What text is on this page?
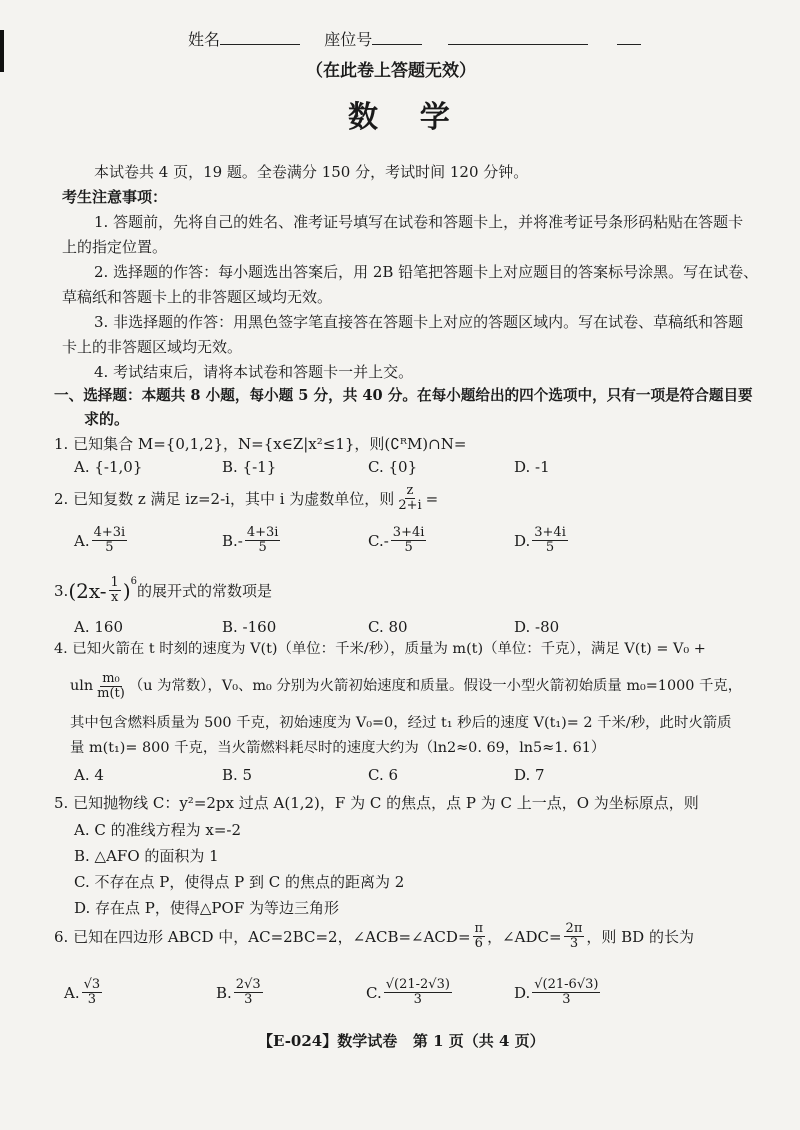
姓名	座位号
（在此卷上答题无效）
数    学
本试卷共 4 页，19 题。全卷满分 150 分，考试时间 120 分钟。
考生注意事项：
1. 答题前，先将自己的姓名、准考证号填写在试卷和答题卡上，并将准考证号条形码粘贴在答题卡
上的指定位置。
2. 选择题的作答：每小题选出答案后，用 2B 铅笔把答题卡上对应题目的答案标号涂黑。写在试卷、
草稿纸和答题卡上的非答题区域均无效。
3. 非选择题的作答：用黑色签字笔直接答在答题卡上对应的答题区域内。写在试卷、草稿纸和答题
卡上的非答题区域均无效。
4. 考试结束后，请将本试卷和答题卡一并上交。
一、选择题：本题共 8 小题，每小题 5 分，共 40 分。在每小题给出的四个选项中，只有一项是符合题目要
求的。
1. 已知集合 M={0,1,2}，N={x∈Z|x²≤1}，则(∁ᴿM)∩N=
A. {-1,0}	B. {-1}	C. {0}	D. -1
2. 已知复数 z 满足 iz=2-i，其中 i 为虚数单位，则 $\frac{z}{2+i}$ =
A. $\frac{4+3i}{5}$	B. - $\frac{4+3i}{5}$	C. - $\frac{3+4i}{5}$	D. $\frac{3+4i}{5}$
3. $(2x- \frac{1}{x} )^6$
的展开式的常数项是
A. 160	B. -160	C. 80	D. -80
4. 已知火箭在 t 时刻的速度为 V(t)（单位：千米/秒），质量为 m(t)（单位：千克），满足 V(t) = V₀ +
uln $\frac{\text{m₀}}{m(t)} (u$ 为常数），V₀、m₀ 分别为火箭初始速度和质量。假设一小型火箭初始质量 m₀=1000 千克，
其中包含燃料质量为 500 千克，初始速度为 V₀=0，经过 t₁ 秒后的速度 V(t₁)= 2 千米/秒，此时火箭质
量 m(t₁)= 800 千克，当火箭燃料耗尽时的速度大约为（ln2≈0. 69，ln5≈1. 61）
A. 4	B. 5	C. 6	D. 7
5. 已知抛物线 C：y²=2px 过点 A(1,2)，F 为 C 的焦点，点 P 为 C 上一点，O 为坐标原点，则
A. C 的准线方程为 x=-2
B. △AFO 的面积为 1
C. 不存在点 P，使得点 P 到 C 的焦点的距离为 2
D. 存在点 P，使得△POF 为等边三角形
6. 已知在四边形 ABCD 中，AC=2BC=2，∠ACB=∠ACD= $\frac{\pi}{6}$ ，∠ADC= $\frac{2\pi}{3}$ ，则 BD 的长为
A. $\frac{√3}{3}$	B. $\frac{2√3}{3}$	C. $\frac{√(21-2√3)}{3}$	D. $\frac{√(21-6√3)}{3}$
【E-024】数学试卷   第 1 页（共 4 页）
